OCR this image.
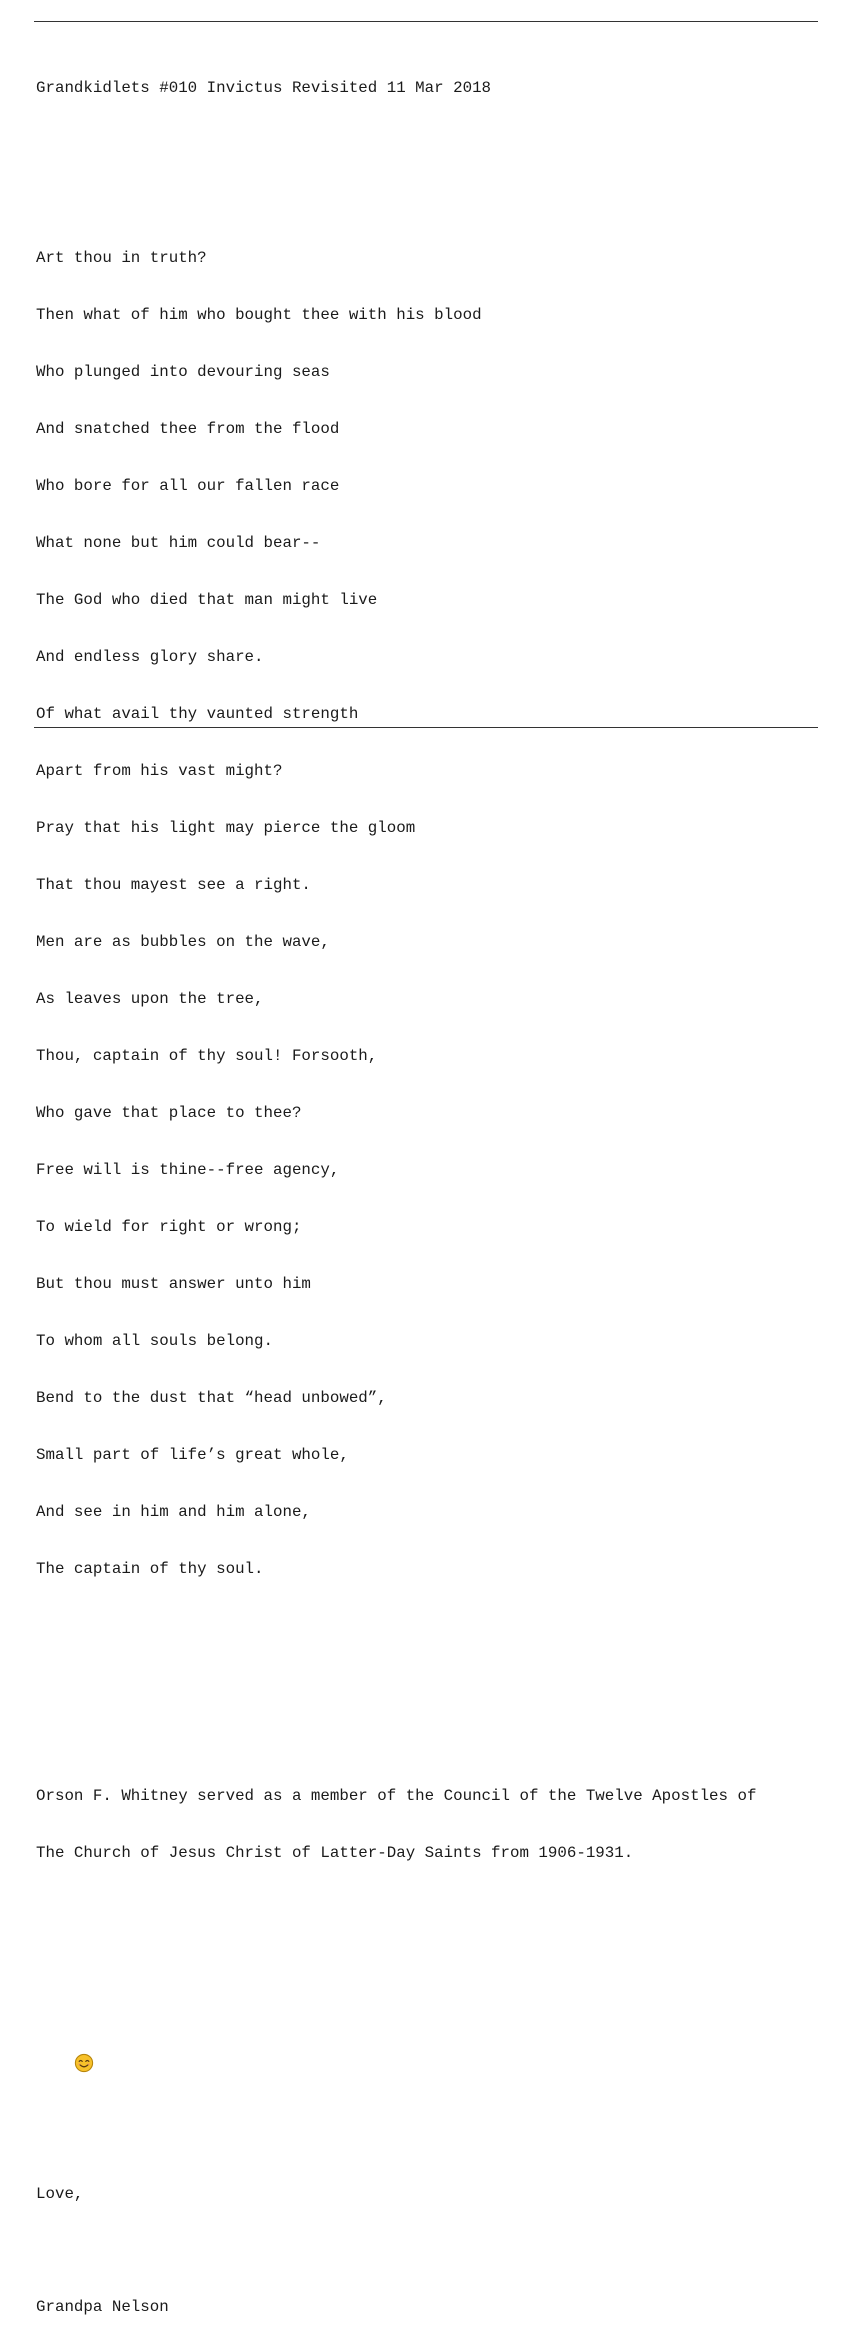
Grandkidlets #010 Invictus Revisited 11 Mar 2018

Art thou in truth?

Then what of him who bought thee with his blood

Who plunged into devouring seas

And snatched thee from the flood

Who bore for all our fallen race

What none but him could bear--

The God who died that man might live

And endless glory share.

Of what avail thy vaunted strength

Apart from his vast might?

Pray that his light may pierce the gloom

That thou mayest see a right.

Men are as bubbles on the wave,

As leaves upon the tree,

Thou, captain of thy soul! Forsooth,

Who gave that place to thee?

Free will is thine--free agency,

To wield for right or wrong;

But thou must answer unto him

To whom all souls belong.

Bend to the dust that “head unbowed”,

Small part of life’s great whole,

And see in him and him alone,

The captain of thy soul.

Orson F. Whitney served as a member of the Council of the Twelve Apostles of

The Church of Jesus Christ of Latter-Day Saints from 1906-1931.

Love,

Grandpa Nelson
